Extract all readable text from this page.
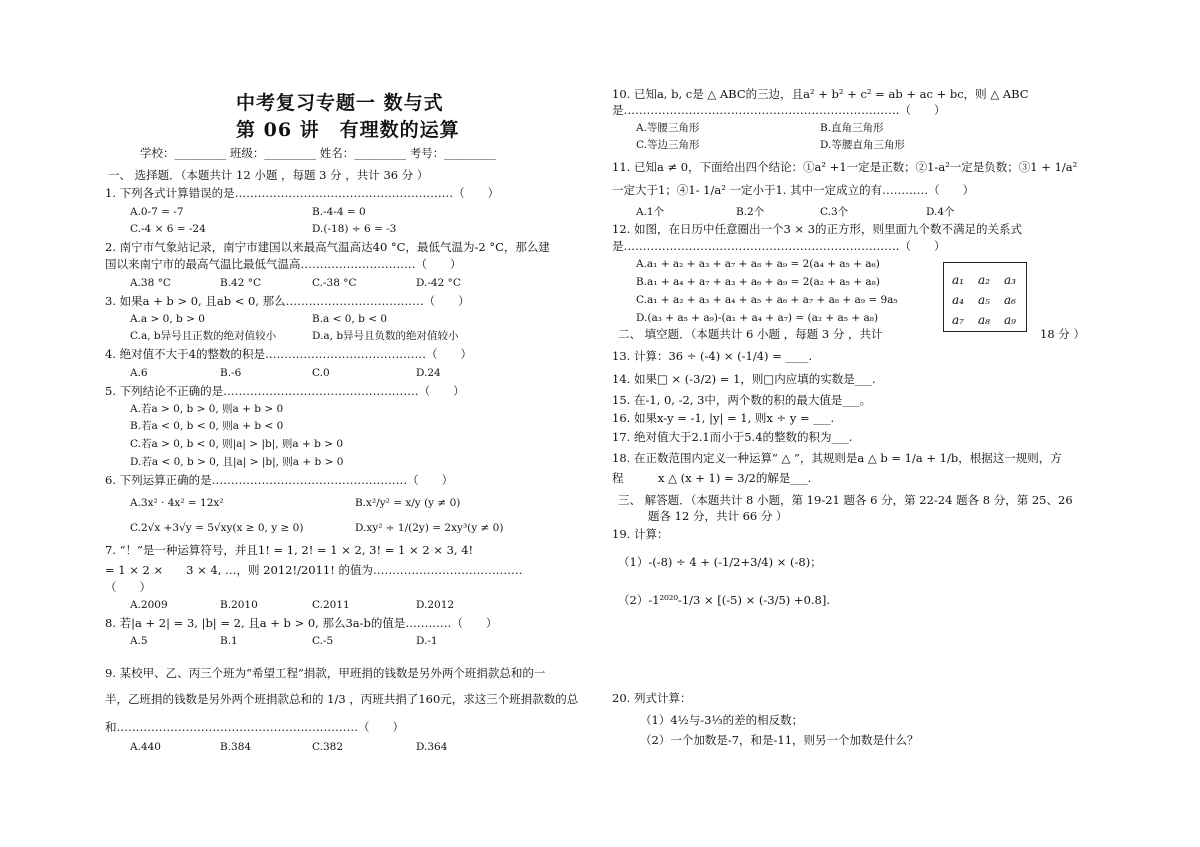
中考复习专题一 数与式
第 06 讲　有理数的运算
学校：_________ 班级：_________ 姓名：_________ 考号：_________
一、 选择题．（本题共计 12 小题 ，每题 3 分 ，共计 36 分 ）
1. 下列各式计算错误的是…………………………………………………（　　）
A.0-7 = -7	B.-4-4 = 0
C.-4 × 6 = -24	D.(-18) ÷ 6 = -3
2. 南宁市气象站记录，南宁市建国以来最高气温高达40 °C，最低气温为-2 °C，那么建
国以来南宁市的最高气温比最低气温高…………………………（　　）
A.38 °C	B.42 °C	C.-38 °C	D.-42 °C
3. 如果a + b > 0, 且ab < 0, 那么………………………………（　　）
A.a > 0, b > 0	B.a < 0, b < 0
C.a, b异号且正数的绝对值较小	D.a, b异号且负数的绝对值较小
4. 绝对值不大于4的整数的积是……………………………………（　　）
A.6	B.-6	C.0	D.24
5. 下列结论不正确的是……………………………………………（　　）
A.若a > 0, b > 0, 则a + b > 0
B.若a < 0, b < 0, 则a + b < 0
C.若a > 0, b < 0, 则|a| > |b|, 则a + b > 0
D.若a < 0, b > 0, 且|a| > |b|, 则a + b > 0
6. 下列运算正确的是……………………………………………（　　）
A.3x² · 4x² = 12x²	B.x²/y² = x/y (y ≠ 0)
C.2√x +3√y = 5√xy(x ≥ 0, y ≥ 0)	D.xy² ÷ 1/(2y) = 2xy³(y ≠ 0)
7. “！”是一种运算符号，并且1! = 1, 2! = 1 × 2, 3! = 1 × 2 × 3, 4!
= 1 × 2 ×　　3 × 4, …，则 2012!/2011! 的值为…………………………………
（　　）
A.2009	B.2010	C.2011	D.2012
8. 若|a + 2| = 3, |b| = 2, 且a + b > 0, 那么3a-b的值是…………（　　）
A.5	B.1	C.-5	D.-1
9. 某校甲、乙、丙三个班为“希望工程”捐款，甲班捐的钱数是另外两个班捐款总和的一
半，乙班捐的钱数是另外两个班捐款总和的 1/3 ，丙班共捐了160元，求这三个班捐款数的总
和………………………………………………………（　　）
A.440	B.384	C.382	D.364
10. 已知a, b, c是 △ ABC的三边，且a² + b² + c² = ab + ac + bc，则 △ ABC
是………………………………………………………………（　　）
A.等腰三角形	B.直角三角形
C.等边三角形	D.等腰直角三角形
11. 已知a ≠ 0，下面给出四个结论：①a² +1一定是正数；②1-a²一定是负数；③1 + 1/a²
一定大于1；④1- 1/a² 一定小于1. 其中一定成立的有…………（　　）
A.1个	B.2个	C.3个	D.4个
12. 如图，在日历中任意圈出一个3 × 3的正方形，则里面九个数不满足的关系式
是………………………………………………………………（　　）
A.a₁ + a₂ + a₃ + a₇ + a₈ + a₉ = 2(a₄ + a₅ + a₆)
B.a₁ + a₄ + a₇ + a₃ + a₆ + a₉ = 2(a₂ + a₅ + a₈)
C.a₁ + a₂ + a₃ + a₄ + a₅ + a₆ + a₇ + a₈ + a₉ = 9a₅
D.(a₃ + a₅ + a₉)-(a₁ + a₄ + a₇) = (a₂ + a₅ + a₈)
a₁ a₂ a₃
a₄ a₅ a₆
a₇ a₈ a₉
二、 填空题．（本题共计 6 小题 ，每题 3 分 ，共计	18 分 ）
13. 计算：36 ÷ (-4) × (-1/4) = ____.
14. 如果□ × (-3/2) = 1，则□内应填的实数是___.
15. 在-1, 0, -2, 3中，两个数的积的最大值是___。
16. 如果x-y = -1, |y| = 1, 则x ÷ y = ___.
17. 绝对值大于2.1而小于5.4的整数的积为___.
18. 在正数范围内定义一种运算“ △ ”，其规则是a △ b = 1/a + 1/b，根据这一规则，方
程　　　x △ (x + 1) = 3/2的解是___.
三、 解答题．（本题共计 8 小题，第 19-21 题各 6 分，第 22-24 题各 8 分，第 25、26
题各 12 分，共计 66 分 ）
19. 计算：
（1）-(-8) ÷ 4 + (-1/2+3/4) × (-8)；
（2）-1²⁰²⁰-1/3 × [(-5) × (-3/5) +0.8].
20. 列式计算：
（1）4½与-3⅓的差的相反数；
（2）一个加数是-7，和是-11，则另一个加数是什么？
